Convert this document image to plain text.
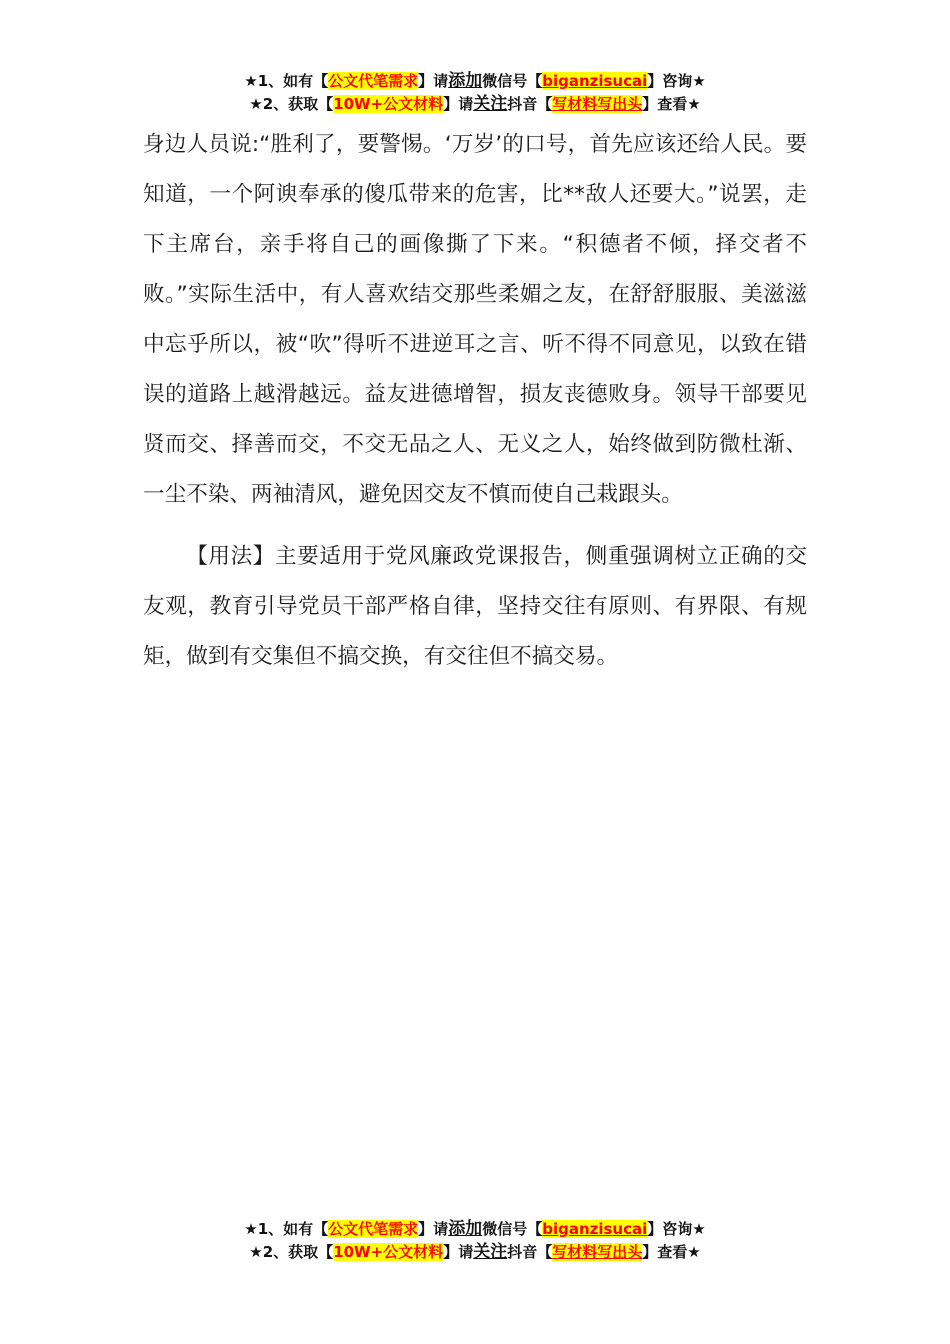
★1、如有【公文代笔需求】请添加微信号【biganzisucai】咨询★
★2、获取【10W+公文材料】请关注抖音【写材料写出头】查看★

身边人员说:“胜利了，要警惕。‘万岁’的口号，首先应该还给人民。要知道，一个阿谀奉承的傻瓜带来的危害，比**敌人还要大。”说罢，走下主席台，亲手将自己的画像撕了下来。“积德者不倾，择交者不败。”实际生活中，有人喜欢结交那些柔媚之友，在舒舒服服、美滋滋中忘乎所以，被“吹”得听不进逆耳之言、听不得不同意见，以致在错误的道路上越滑越远。益友进德增智，损友丧德败身。领导干部要见贤而交、择善而交，不交无品之人、无义之人，始终做到防微杜渐、一尘不染、两袖清风，避免因交友不慎而使自己栽跟头。

【用法】主要适用于党风廉政党课报告，侧重强调树立正确的交友观，教育引导党员干部严格自律，坚持交往有原则、有界限、有规矩，做到有交集但不搞交换，有交往但不搞交易。

★1、如有【公文代笔需求】请添加微信号【biganzisucai】咨询★
★2、获取【10W+公文材料】请关注抖音【写材料写出头】查看★
